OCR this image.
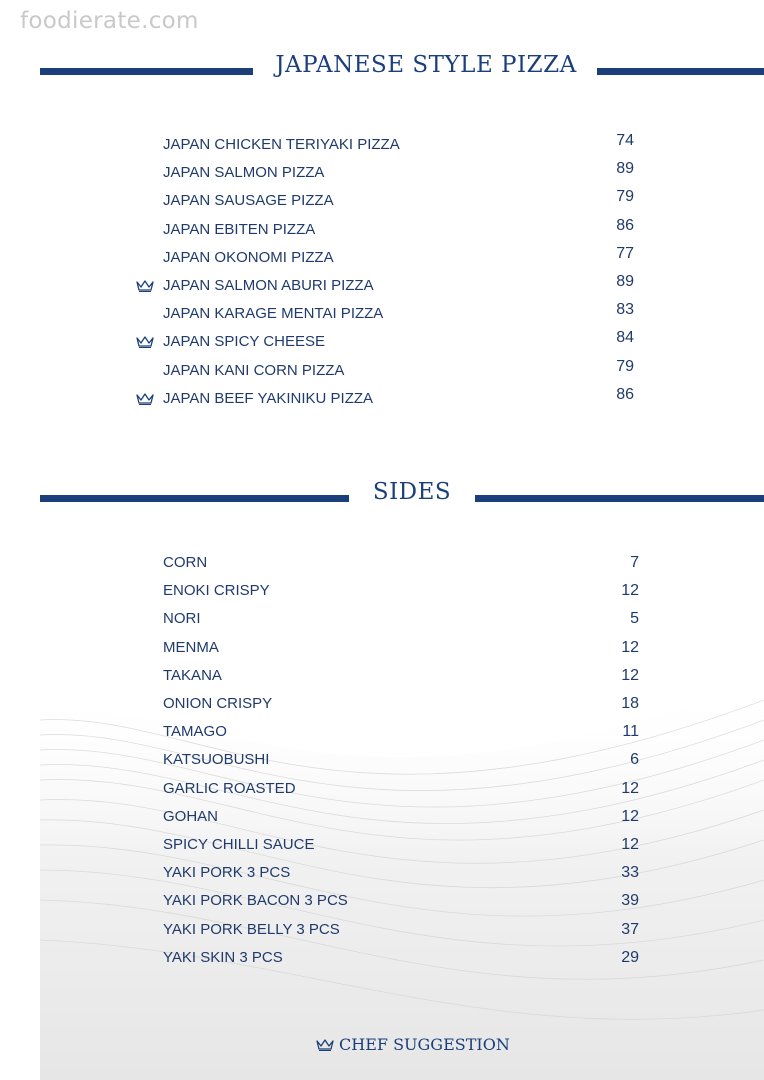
foodierate.com
JAPANESE STYLE PIZZA
JAPAN CHICKEN TERIYAKI PIZZA	74
JAPAN SALMON PIZZA	89
JAPAN SAUSAGE PIZZA	79
JAPAN EBITEN PIZZA	86
JAPAN OKONOMI PIZZA	77
JAPAN SALMON ABURI PIZZA	89
JAPAN KARAGE MENTAI PIZZA	83
JAPAN SPICY CHEESE	84
JAPAN KANI CORN PIZZA	79
JAPAN BEEF YAKINIKU PIZZA	86
SIDES
CORN	7
ENOKI CRISPY	12
NORI	5
MENMA	12
TAKANA	12
ONION CRISPY	18
TAMAGO	11
KATSUOBUSHI	6
GARLIC ROASTED	12
GOHAN	12
SPICY CHILLI SAUCE	12
YAKI PORK 3 PCS	33
YAKI PORK BACON 3 PCS	39
YAKI PORK BELLY 3 PCS	37
YAKI SKIN 3 PCS	29
CHEF SUGGESTION
